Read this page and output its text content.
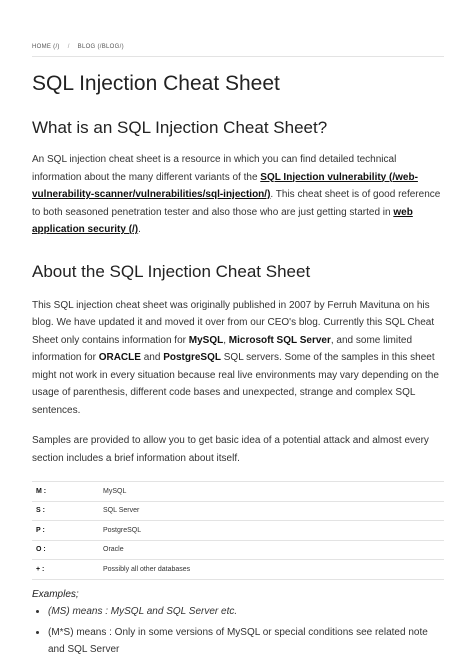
HOME (/) / BLOG (/BLOG/)
SQL Injection Cheat Sheet
What is an SQL Injection Cheat Sheet?

An SQL injection cheat sheet is a resource in which you can find detailed technical information about the many different variants of the SQL Injection vulnerability (/web-vulnerability-scanner/vulnerabilities/sql-injection/). This cheat sheet is of good reference to both seasoned penetration tester and also those who are just getting started in web application security (/).

About the SQL Injection Cheat Sheet

This SQL injection cheat sheet was originally published in 2007 by Ferruh Mavituna on his blog. We have updated it and moved it over from our CEO's blog. Currently this SQL Cheat Sheet only contains information for MySQL, Microsoft SQL Server, and some limited information for ORACLE and PostgreSQL SQL servers. Some of the samples in this sheet might not work in every situation because real live environments may vary depending on the usage of parenthesis, different code bases and unexpected, strange and complex SQL sentences.

Samples are provided to allow you to get basic idea of a potential attack and almost every section includes a brief information about itself.

M :	MySQL
S :	SQL Server
P :	PostgreSQL
O :	Oracle
+ :	Possibly all other databases
Examples;
• (MS) means : MySQL and SQL Server etc.
• (M*S) means : Only in some versions of MySQL or special conditions see related note and SQL Server
